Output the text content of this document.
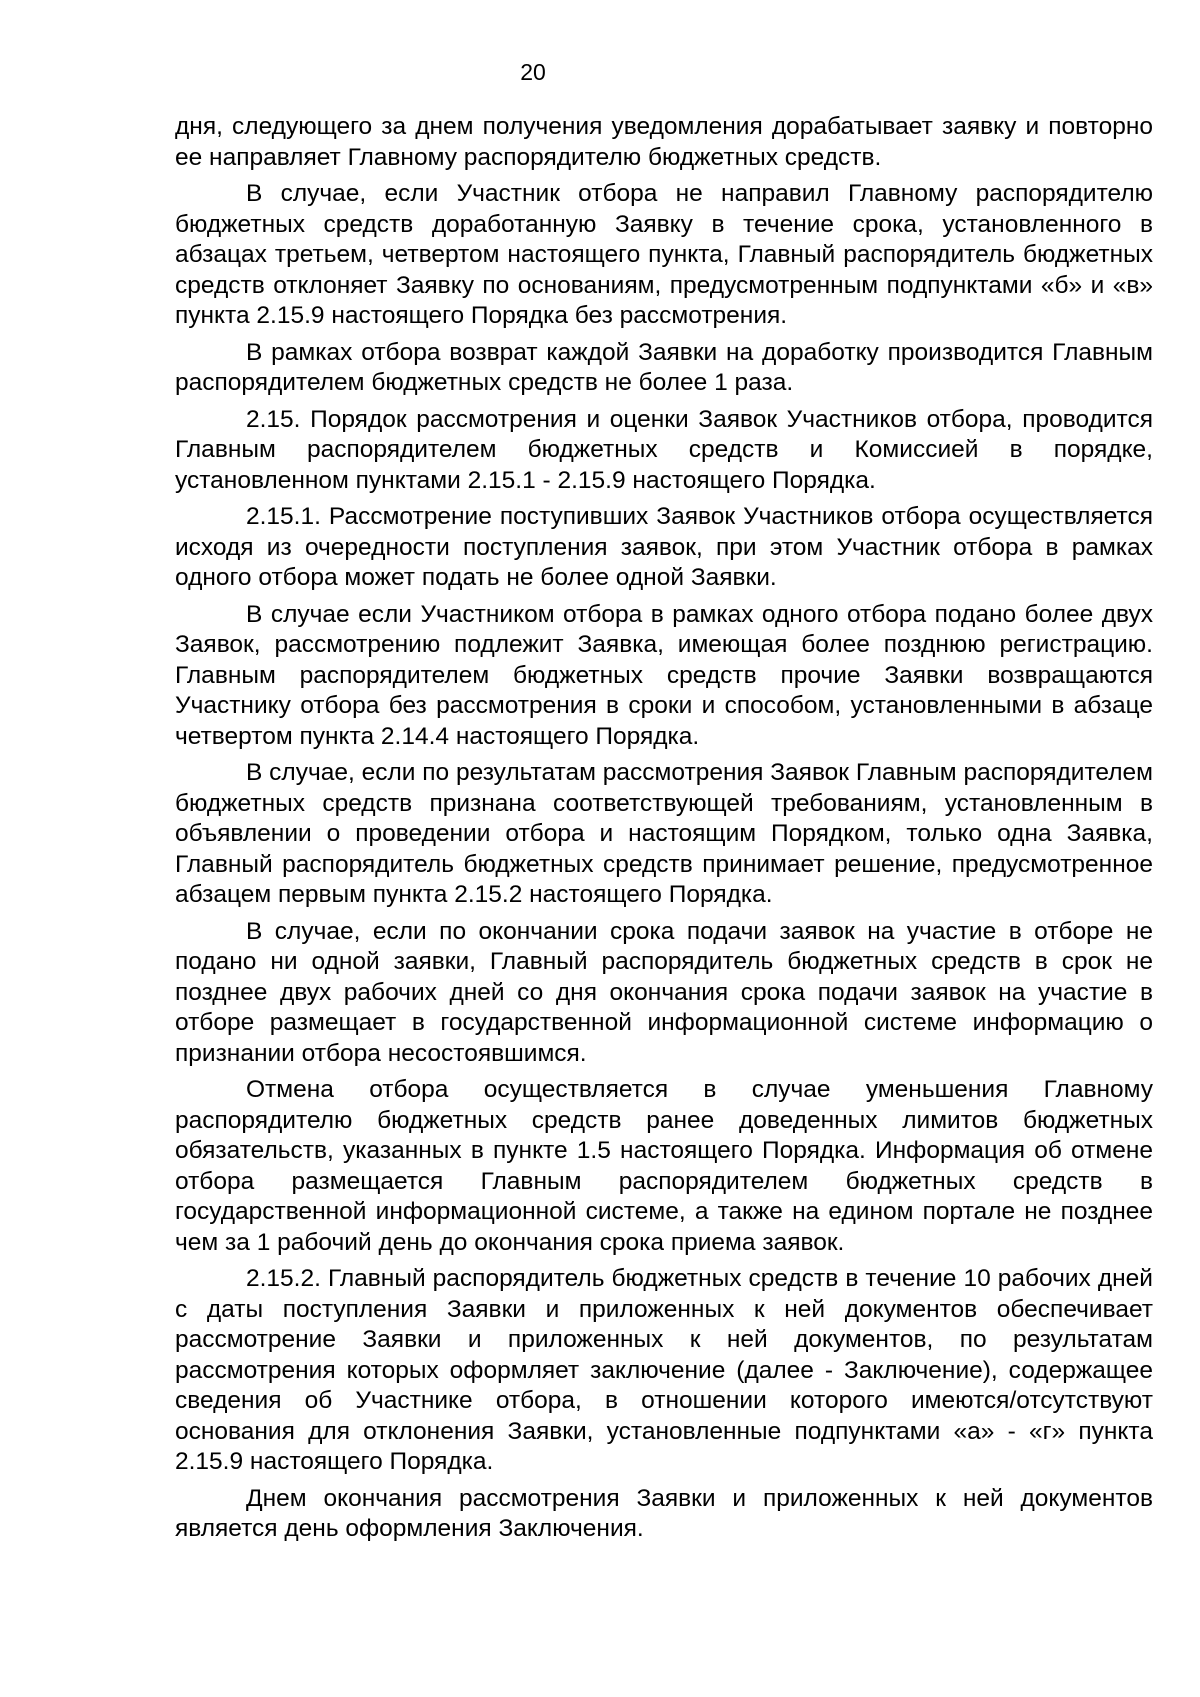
20

дня, следующего за днем получения уведомления дорабатывает заявку и повторно ее направляет Главному распорядителю бюджетных средств.

В случае, если Участник отбора не направил Главному распорядителю бюджетных средств доработанную Заявку в течение срока, установленного в абзацах третьем, четвертом настоящего пункта, Главный распорядитель бюджетных средств отклоняет Заявку по основаниям, предусмотренным подпунктами «б» и «в» пункта 2.15.9 настоящего Порядка без рассмотрения.

В рамках отбора возврат каждой Заявки на доработку производится Главным распорядителем бюджетных средств не более 1 раза.

2.15. Порядок рассмотрения и оценки Заявок Участников отбора, проводится Главным распорядителем бюджетных средств и Комиссией в порядке, установленном пунктами 2.15.1 - 2.15.9 настоящего Порядка.

2.15.1. Рассмотрение поступивших Заявок Участников отбора осуществляется исходя из очередности поступления заявок, при этом Участник отбора в рамках одного отбора может подать не более одной Заявки.

В случае если Участником отбора в рамках одного отбора подано более двух Заявок, рассмотрению подлежит Заявка, имеющая более позднюю регистрацию. Главным распорядителем бюджетных средств прочие Заявки возвращаются Участнику отбора без рассмотрения в сроки и способом, установленными в абзаце четвертом пункта 2.14.4 настоящего Порядка.

В случае, если по результатам рассмотрения Заявок Главным распорядителем бюджетных средств признана соответствующей требованиям, установленным в объявлении о проведении отбора и настоящим Порядком, только одна Заявка, Главный распорядитель бюджетных средств принимает решение, предусмотренное абзацем первым пункта 2.15.2 настоящего Порядка.

В случае, если по окончании срока подачи заявок на участие в отборе не подано ни одной заявки, Главный распорядитель бюджетных средств в срок не позднее двух рабочих дней со дня окончания срока подачи заявок на участие в отборе размещает в государственной информационной системе информацию о признании отбора несостоявшимся.

Отмена отбора осуществляется в случае уменьшения Главному распорядителю бюджетных средств ранее доведенных лимитов бюджетных обязательств, указанных в пункте 1.5 настоящего Порядка. Информация об отмене отбора размещается Главным распорядителем бюджетных средств в государственной информационной системе, а также на едином портале не позднее чем за 1 рабочий день до окончания срока приема заявок.

2.15.2. Главный распорядитель бюджетных средств в течение 10 рабочих дней с даты поступления Заявки и приложенных к ней документов обеспечивает рассмотрение Заявки и приложенных к ней документов, по результатам рассмотрения которых оформляет заключение (далее - Заключение), содержащее сведения об Участнике отбора, в отношении которого имеются/отсутствуют основания для отклонения Заявки, установленные подпунктами «а» - «г» пункта 2.15.9 настоящего Порядка.

Днем окончания рассмотрения Заявки и приложенных к ней документов является день оформления Заключения.
